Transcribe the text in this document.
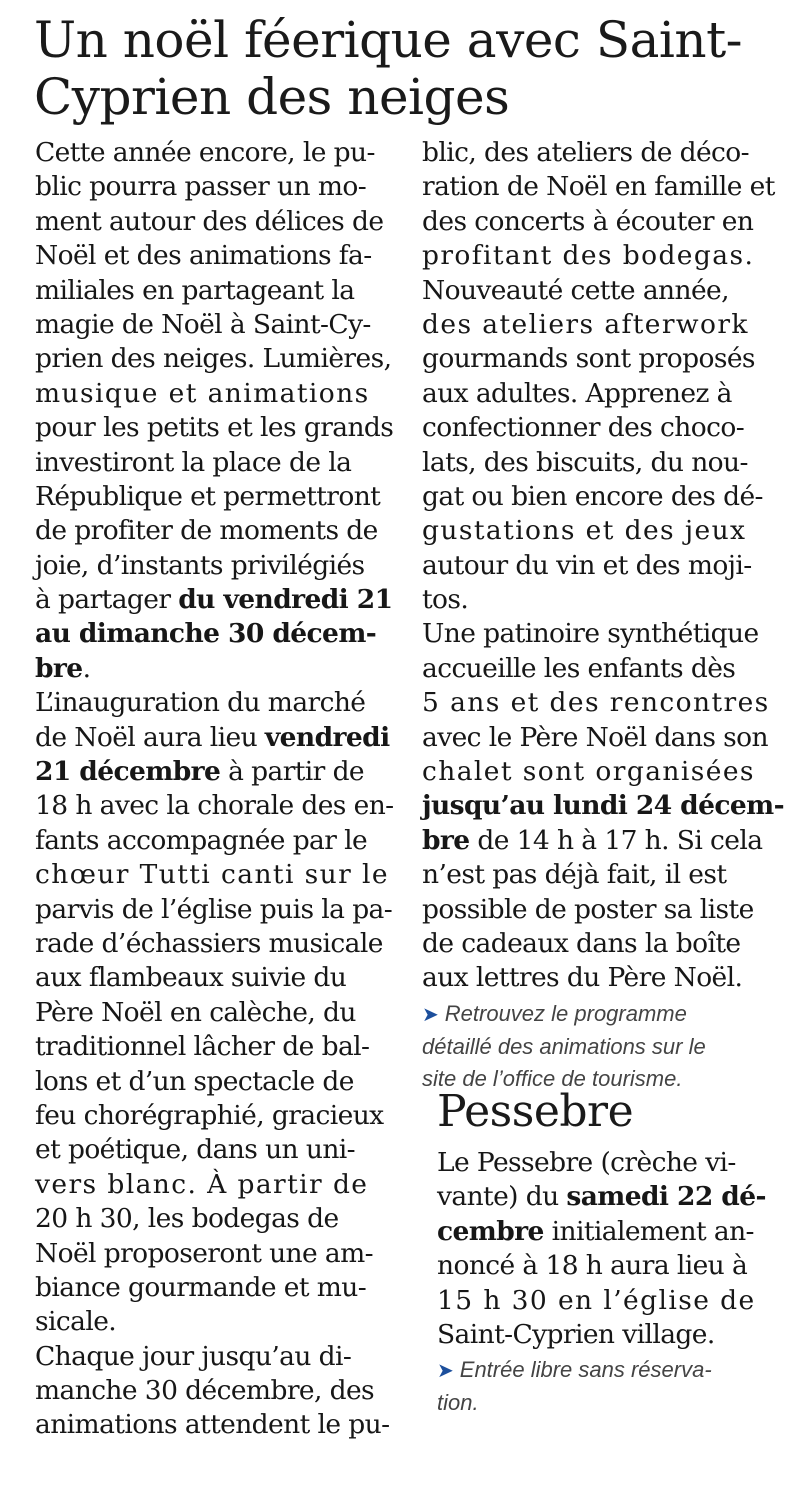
Un noël féerique avec Saint-
Cyprien des neiges
Cette année encore, le pu-
blic pourra passer un mo-
ment autour des délices de
Noël et des animations fa-
miliales en partageant la
magie de Noël à Saint-Cy-
prien des neiges. Lumières,
musique et animations
pour les petits et les grands
investiront la place de la
République et permettront
de profiter de moments de
joie, d’instants privilégiés
à partager du vendredi 21
au dimanche 30 décem-
bre.
L’inauguration du marché
de Noël aura lieu vendredi
21 décembre à partir de
18 h avec la chorale des en-
fants accompagnée par le
chœur Tutti canti sur le
parvis de l’église puis la pa-
rade d’échassiers musicale
aux flambeaux suivie du
Père Noël en calèche, du
traditionnel lâcher de bal-
lons et d’un spectacle de
feu chorégraphié, gracieux
et poétique, dans un uni-
vers blanc. À partir de
20 h 30, les bodegas de
Noël proposeront une am-
biance gourmande et mu-
sicale.
Chaque jour jusqu’au di-
manche 30 décembre, des
animations attendent le pu-
blic, des ateliers de déco-
ration de Noël en famille et
des concerts à écouter en
profitant des bodegas.
Nouveauté cette année,
des ateliers afterwork
gourmands sont proposés
aux adultes. Apprenez à
confectionner des choco-
lats, des biscuits, du nou-
gat ou bien encore des dé-
gustations et des jeux
autour du vin et des moji-
tos.
Une patinoire synthétique
accueille les enfants dès
5 ans et des rencontres
avec le Père Noël dans son
chalet sont organisées
jusqu’au lundi 24 décem-
bre de 14 h à 17 h. Si cela
n’est pas déjà fait, il est
possible de poster sa liste
de cadeaux dans la boîte
aux lettres du Père Noël.
➤ Retrouvez le programme
détaillé des animations sur le
site de l’office de tourisme.
Pessebre
Le Pessebre (crèche vi-
vante) du samedi 22 dé-
cembre initialement an-
noncé à 18 h aura lieu à
15 h 30 en l’église de
Saint-Cyprien village.
➤ Entrée libre sans réserva-
tion.
